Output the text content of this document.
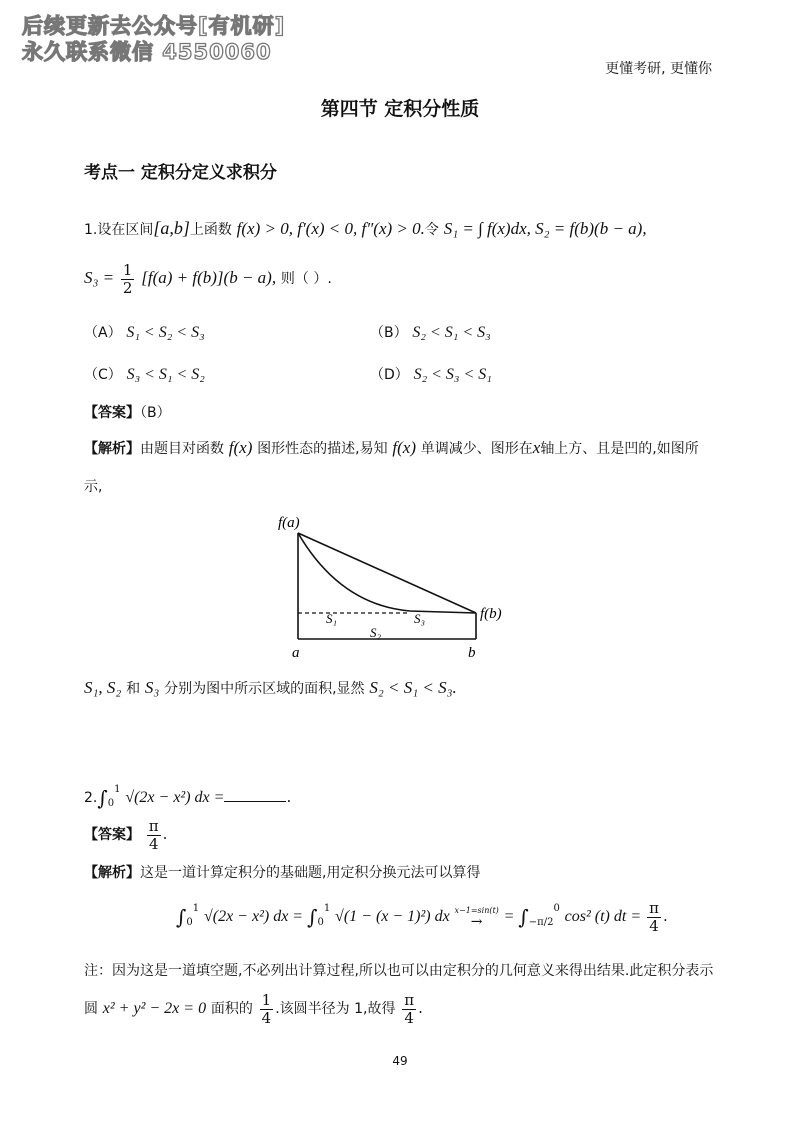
后续更新去公众号[有机研]
永久联系微信 4550060
更懂考研, 更懂你
第四节 定积分性质
考点一 定积分定义求积分
1.设在区间[a,b]上函数 f(x) > 0, f′(x) < 0, f″(x) > 0.令 S₁ = ∫ f(x)dx, S₂ = f(b)(b − a),
$S_3 = \frac{1}{2} [f(a) + f(b)](b - a)$, 则（ ）.
（A） S₁ < S₂ < S₃	（B） S₂ < S₁ < S₃
（C） S₃ < S₁ < S₂	（D） S₂ < S₃ < S₁
【答案】（B）
【解析】由题目对函数 f(x) 图形性态的描述,易知 f(x) 单调减少、图形在x轴上方、且是凹的,如图所
示,
f(a)
f(b)
a	b
S₁
S₂
S₃
S₁, S₂ 和 S₃ 分别为图中所示区域的面积,显然 S₂ < S₁ < S₃.
$2.\int_0^1$ √(2x − x²) dx =	.
【答案】 $\frac{\pi}{4}$ .
【解析】这是一道计算定积分的基础题,用定积分换元法可以算得
$\int_0^1$ √(2x − x²) dx = $\int_0^1$ √(1 − (x − 1)²) dx x−1=sin(t)
→	= $\int_{-\pi/2}^0$ cos² (t) dt = $\frac{\pi}{4}$ .
注：因为这是一道填空题,不必列出计算过程,所以也可以由定积分的几何意义来得出结果.此定积分表示
圆 x² + y² − 2x = 0 面积的 $\frac{1}{4}$ .该圆半径为 1,故得 $\frac{\pi}{4}$ .
49
